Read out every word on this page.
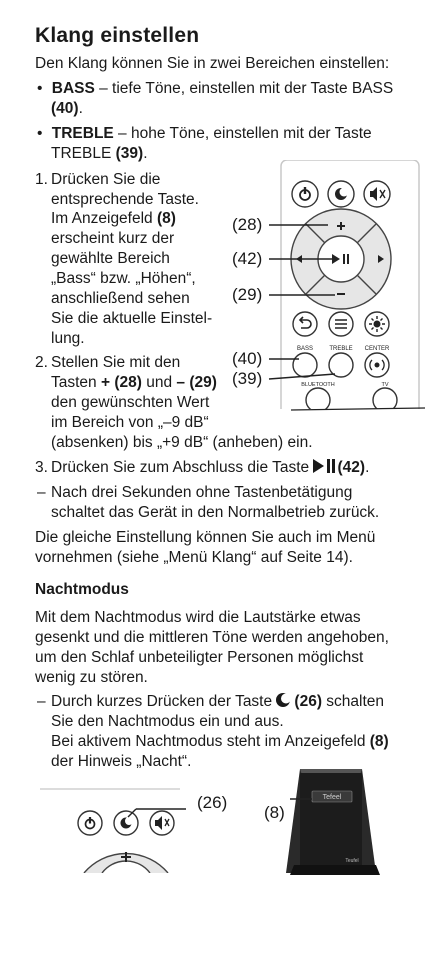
Klang einstellen
Den Klang können Sie in zwei Bereichen einstellen:
• BASS – tiefe Töne, einstellen mit der Taste BASS
(40).
• TREBLE – hohe Töne, einstellen mit der Taste
TREBLE (39).
1. Drücken Sie die
entsprechende Taste.
Im Anzeigefeld (8)
erscheint kurz der
gewählte Bereich
„Bass“ bzw. „Höhen“,
anschließend sehen
Sie die aktuelle Einstel-
lung.
2. Stellen Sie mit den
Tasten + (28) und – (29)
den gewünschten Wert
im Bereich von „–9 dB“
(absenken) bis „+9 dB“ (anheben) ein.
3. Drücken Sie zum Abschluss die Taste (42).
– Nach drei Sekunden ohne Tastenbetätigung
schaltet das Gerät in den Normalbetrieb zurück.
Die gleiche Einstellung können Sie auch im Menü
vornehmen (siehe „Menü Klang“ auf Seite 14).
Nachtmodus
Mit dem Nachtmodus wird die Lautstärke etwas
gesenkt und die mittleren Töne werden angehoben,
um den Schlaf unbeteiligter Personen möglichst
wenig zu stören.
– Durch kurzes Drücken der Taste (26) schalten
Sie den Nachtmodus ein und aus.
Bei aktivem Nachtmodus steht im Anzeigefeld (8)
der Hinweis „Nacht“.
BASS	TREBLE CENTER
BLUETOOTH	TV
(28)
(42)
(29)
(40)
(39)
(26)	Tefeel
Teufel
(8)
